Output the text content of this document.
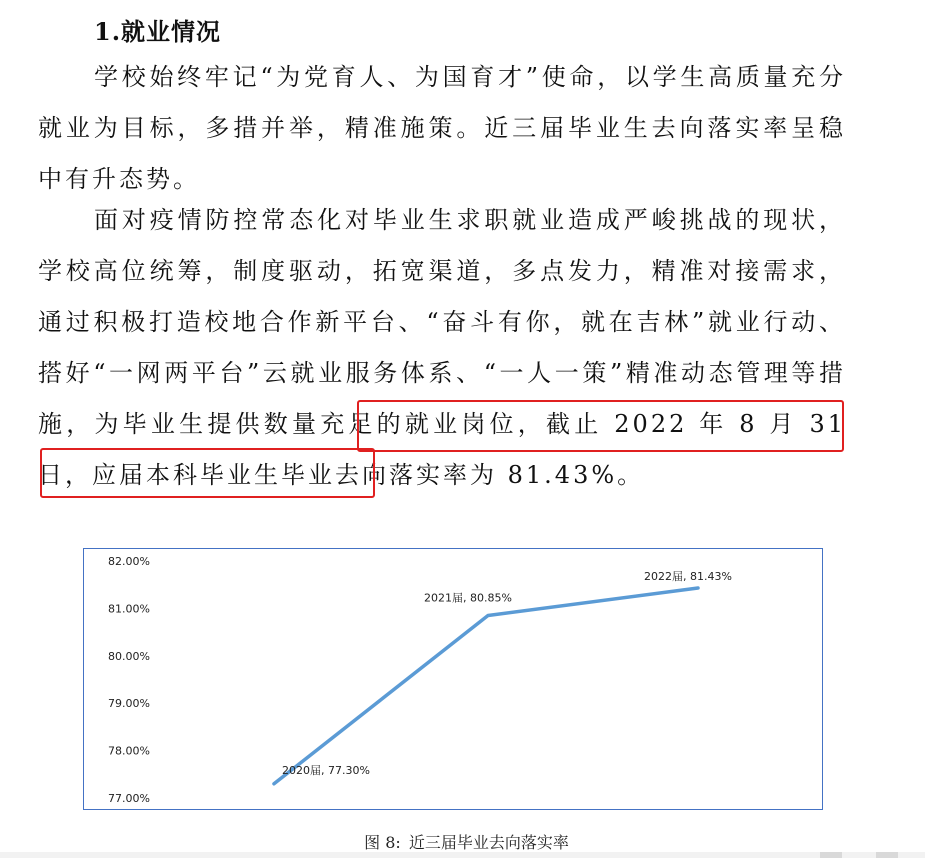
1.就业情况

学校始终牢记“为党育人、为国育才”使命，以学生高质量充分就业为目标，多措并举，精准施策。近三届毕业生去向落实率呈稳中有升态势。

面对疫情防控常态化对毕业生求职就业造成严峻挑战的现状，学校高位统筹，制度驱动，拓宽渠道，多点发力，精准对接需求，通过积极打造校地合作新平台、“奋斗有你，就在吉林”就业行动、搭好“一网两平台”云就业服务体系、“一人一策”精准动态管理等措施，为毕业生提供数量充足的就业岗位，截止 2022 年 8 月 31 日，应届本科毕业生毕业去向落实率为 81.43%。

82.00%
81.00%
80.00%
79.00%
78.00%
77.00%
2020届, 77.30%
2021届, 80.85%
2022届, 81.43%
图 8: 近三届毕业去向落实率
